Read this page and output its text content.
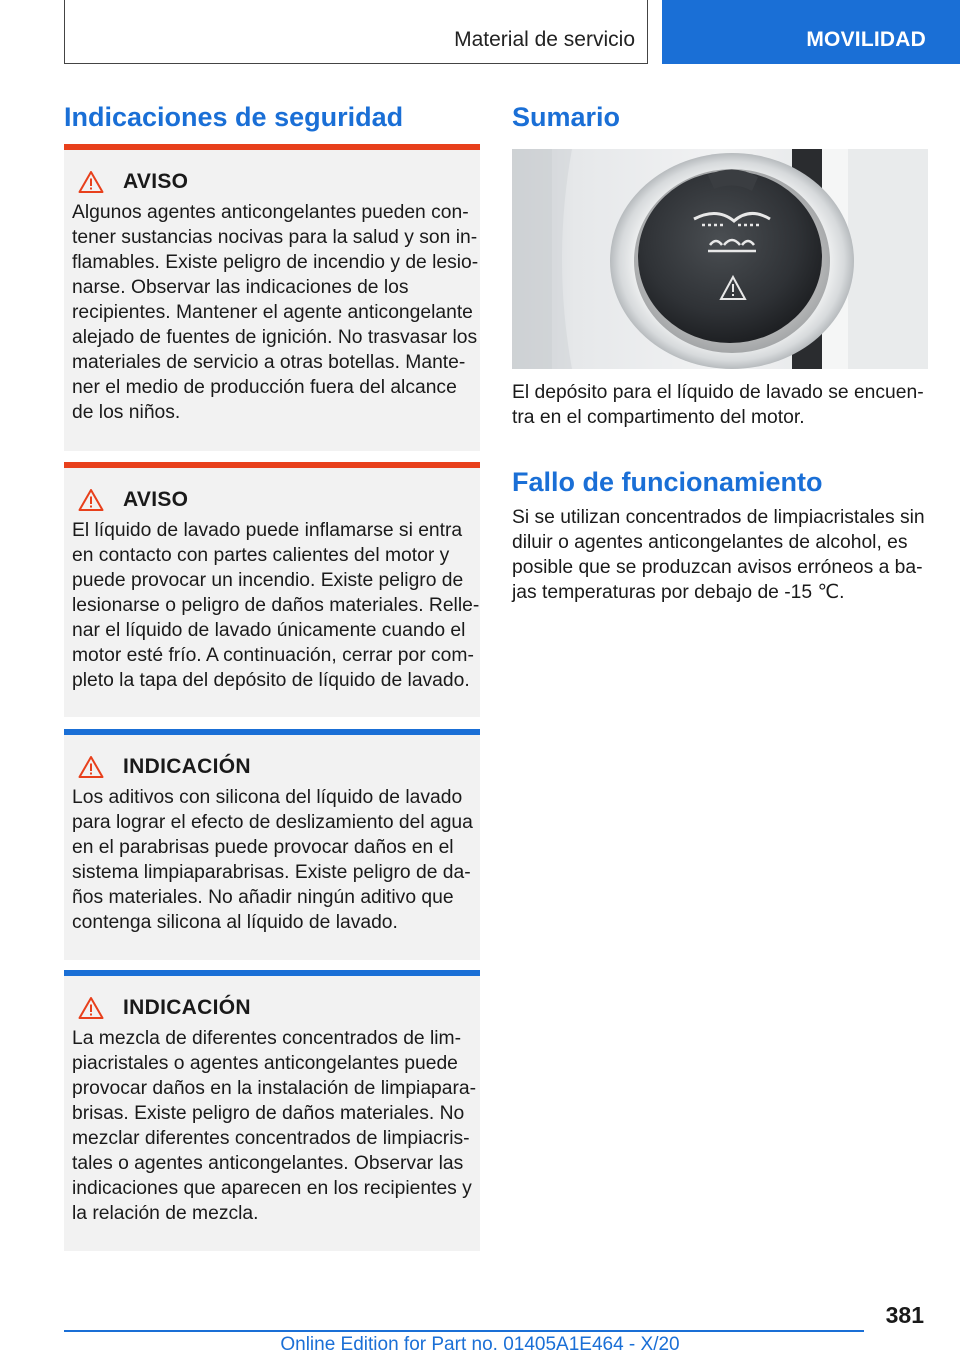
Material de servicio	MOVILIDAD
Indicaciones de seguridad
AVISO
Algunos agentes anticongelantes pueden con‐
tener sustancias nocivas para la salud y son in‐
flamables. Existe peligro de incendio y de lesio‐
narse. Observar las indicaciones de los
recipientes. Mantener el agente anticongelante
alejado de fuentes de ignición. No trasvasar los
materiales de servicio a otras botellas. Mante‐
ner el medio de producción fuera del alcance
de los niños.
AVISO
El líquido de lavado puede inflamarse si entra
en contacto con partes calientes del motor y
puede provocar un incendio. Existe peligro de
lesionarse o peligro de daños materiales. Relle‐
nar el líquido de lavado únicamente cuando el
motor esté frío. A continuación, cerrar por com‐
pleto la tapa del depósito de líquido de lavado.
INDICACIÓN
Los aditivos con silicona del líquido de lavado
para lograr el efecto de deslizamiento del agua
en el parabrisas puede provocar daños en el
sistema limpiaparabrisas. Existe peligro de da‐
ños materiales. No añadir ningún aditivo que
contenga silicona al líquido de lavado.
INDICACIÓN
La mezcla de diferentes concentrados de lim‐
piacristales o agentes anticongelantes puede
provocar daños en la instalación de limpiapara‐
brisas. Existe peligro de daños materiales. No
mezclar diferentes concentrados de limpiacris‐
tales o agentes anticongelantes. Observar las
indicaciones que aparecen en los recipientes y
la relación de mezcla.
Sumario
El depósito para el líquido de lavado se encuen‐
tra en el compartimento del motor.
Fallo de funcionamiento
Si se utilizan concentrados de limpiacristales sin
diluir o agentes anticongelantes de alcohol, es
posible que se produzcan avisos erróneos a ba‐
jas temperaturas por debajo de ‑15 ℃.
381
Online Edition for Part no. 01405A1E464 - X/20
